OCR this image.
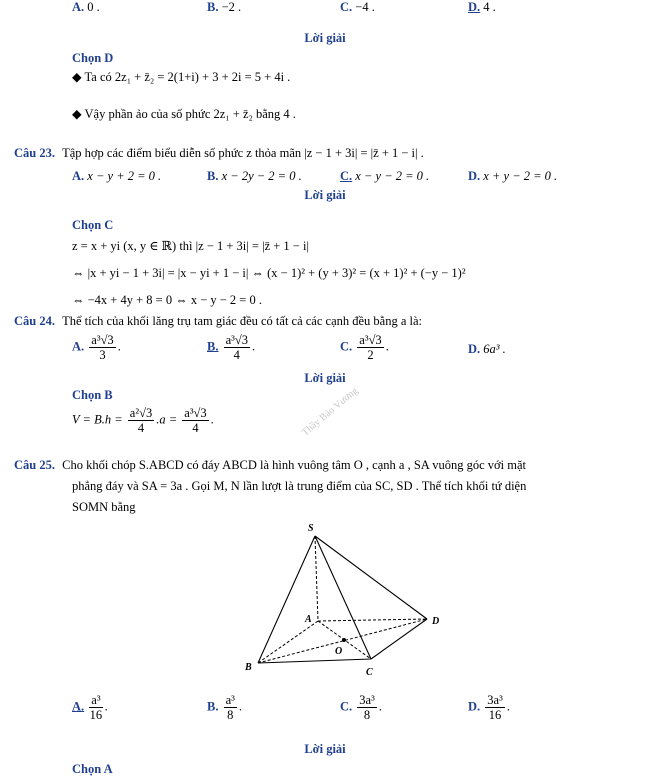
A. 0 .	B. −2 .	C. −4 .	D. 4 .
Lời giải
Chọn D
◆ Ta có 2z₁ + z̄₂ = 2(1+i) + 3 + 2i = 5 + 4i .
◆ Vậy phần ảo của số phức 2z₁ + z̄₂ bằng 4 .
Câu 23. Tập hợp các điểm biểu diễn số phức z thỏa mãn |z − 1 + 3i| = |z̄ + 1 − i| .
A. x − y + 2 = 0 .	B. x − 2y − 2 = 0 .	C. x − y − 2 = 0 .	D. x + y − 2 = 0 .
Lời giải
Chọn C
z = x + yi (x, y ∈ ℝ) thì |z − 1 + 3i| = |z̄ + 1 − i|
⇔ |x + yi − 1 + 3i| = |x − yi + 1 − i| ⇔ (x − 1)² + (y + 3)² = (x + 1)² + (−y − 1)²
⇔ −4x + 4y + 8 = 0 ⇔ x − y − 2 = 0 .
Câu 24. Thể tích của khối lăng trụ tam giác đều có tất cả các cạnh đều bằng a là:
A. $\frac{\text{a³√3}}{3}$ .	B. $\frac{\text{a³√3}}{4}$ .	C. $\frac{\text{a³√3}}{2}$ .	D. 6a³ .
Lời giải
Chọn B
$V = B.h = \frac{\text{a²√3}}{4} .a = \frac{\text{a³√3}}{4}$ .	Thầy Bảo Vương
Câu 25. Cho khối chóp S.ABCD có đáy ABCD là hình vuông tâm O , cạnh a , SA vuông góc với mặt
phẳng đáy và SA = 3a . Gọi M, N lần lượt là trung điểm của SC, SD . Thể tích khối tứ diện
SOMN bằng
S
A
B	C
D
O
A. $\frac{\text{a³}}{16}$ .	B. $\frac{\text{a³}}{8}$ .	C. $\frac{\text{3a³}}{8}$ .	D. $\frac{\text{3a³}}{16}$ .
Lời giải
Chọn A
